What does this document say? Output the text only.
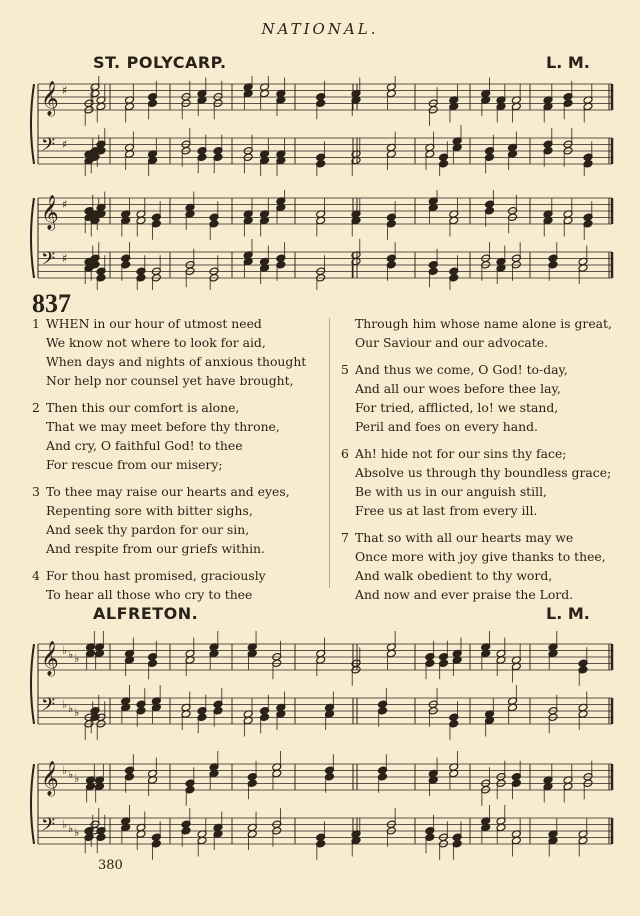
NATIONAL.
ST. POLYCARP.	L. M.
𝄞 ♯
𝄢 ♯
𝄞 ♯
𝄢 ♯
837
1 WHEN in our hour of utmost need
We know not where to look for aid,
When days and nights of anxious thought
Nor help nor counsel yet have brought,
2 Then this our comfort is alone,
That we may meet before thy throne,
And cry, O faithful God! to thee
For rescue from our misery;
3 To thee may raise our hearts and eyes,
Repenting sore with bitter sighs,
And seek thy pardon for our sin,
And respite from our griefs within.
4 For thou hast promised, graciously
To hear all those who cry to thee
Through him whose name alone is great,
Our Saviour and our advocate.
5 And thus we come, O God! to-day,
And all our woes before thee lay,
For tried, afflicted, lo! we stand,
Peril and foes on every hand.
6 Ah! hide not for our sins thy face;
Absolve us through thy boundless grace;
Be with us in our anguish still,
Free us at last from every ill.
7 That so with all our hearts may we
Once more with joy give thanks to thee,
And walk obedient to thy word,
And now and ever praise the Lord.
ALFRETON.	L. M.
𝄞 ♭ ♭ ♭
𝄢 ♭ ♭ ♭
𝄞 ♭ ♭ ♭
𝄢 ♭ ♭ ♭
380
